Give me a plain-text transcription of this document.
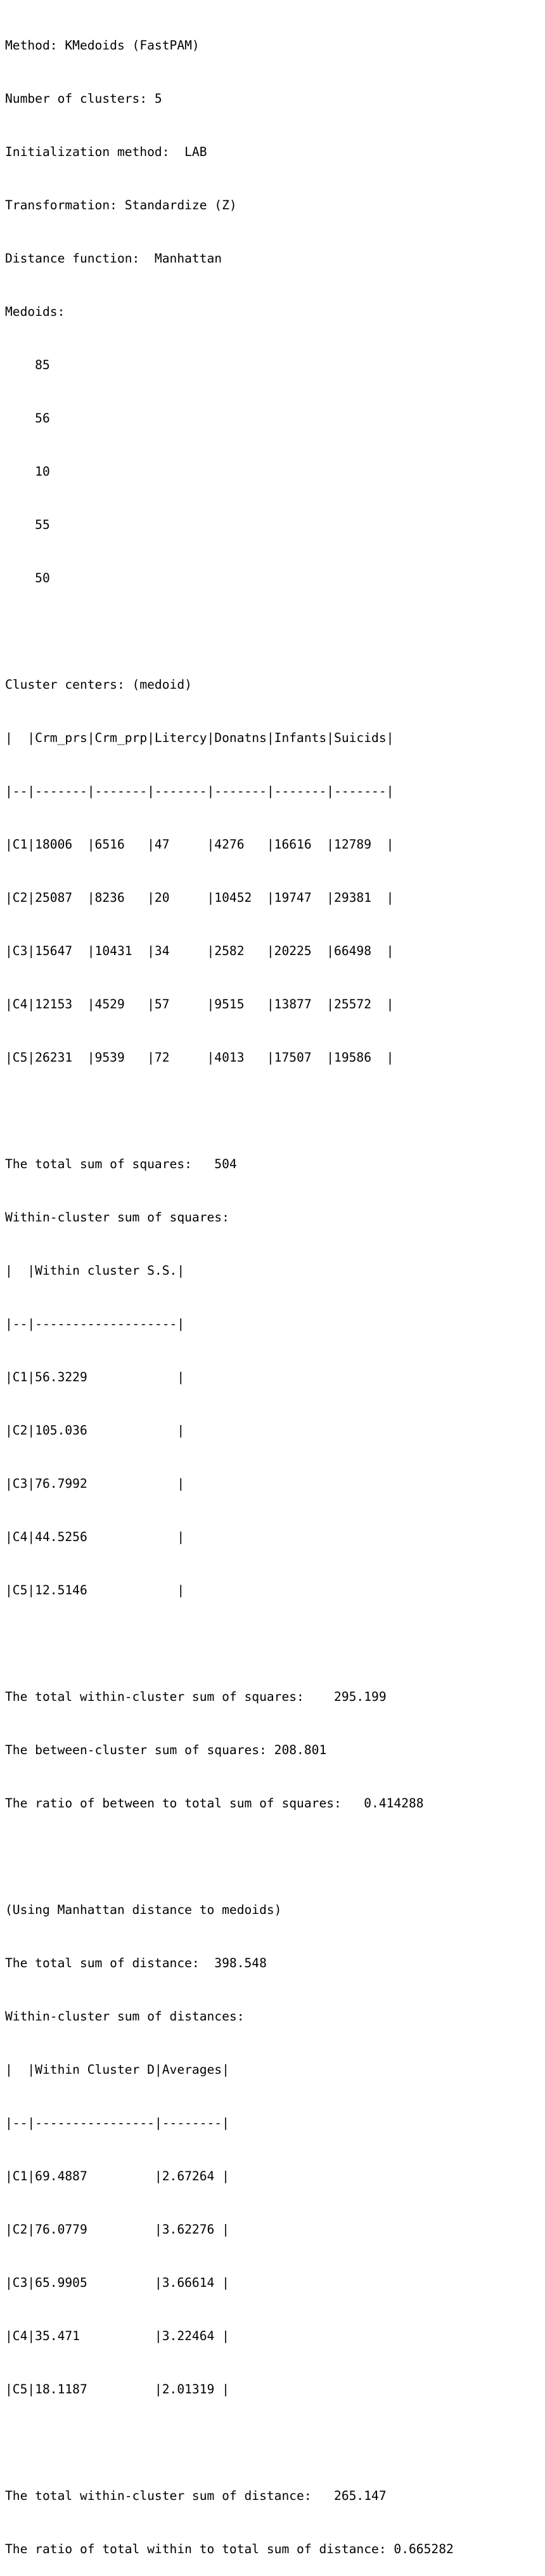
Method: KMedoids (FastPAM)

Number of clusters: 5

Initialization method:  LAB

Transformation: Standardize (Z)

Distance function:  Manhattan

Medoids:

85

56

10

55

50

Cluster centers: (medoid)

|  |Crm_prs|Crm_prp|Litercy|Donatns|Infants|Suicids|

|--|-------|-------|-------|-------|-------|-------|

|C1|18006  |6516   |47     |4276   |16616  |12789  |

|C2|25087  |8236   |20     |10452  |19747  |29381  |

|C3|15647  |10431  |34     |2582   |20225  |66498  |

|C4|12153  |4529   |57     |9515   |13877  |25572  |

|C5|26231  |9539   |72     |4013   |17507  |19586  |

The total sum of squares:   504

Within-cluster sum of squares:

|  |Within cluster S.S.|

|--|-------------------|

|C1|56.3229            |

|C2|105.036            |

|C3|76.7992            |

|C4|44.5256            |

|C5|12.5146            |

The total within-cluster sum of squares:    295.199

The between-cluster sum of squares: 208.801

The ratio of between to total sum of squares:   0.414288

(Using Manhattan distance to medoids)

The total sum of distance:  398.548

Within-cluster sum of distances:

|  |Within Cluster D|Averages|

|--|----------------|--------|

|C1|69.4887         |2.67264 |

|C2|76.0779         |3.62276 |

|C3|65.9905         |3.66614 |

|C4|35.471          |3.22464 |

|C5|18.1187         |2.01319 |

The total within-cluster sum of distance:   265.147

The ratio of total within to total sum of distance: 0.665282
